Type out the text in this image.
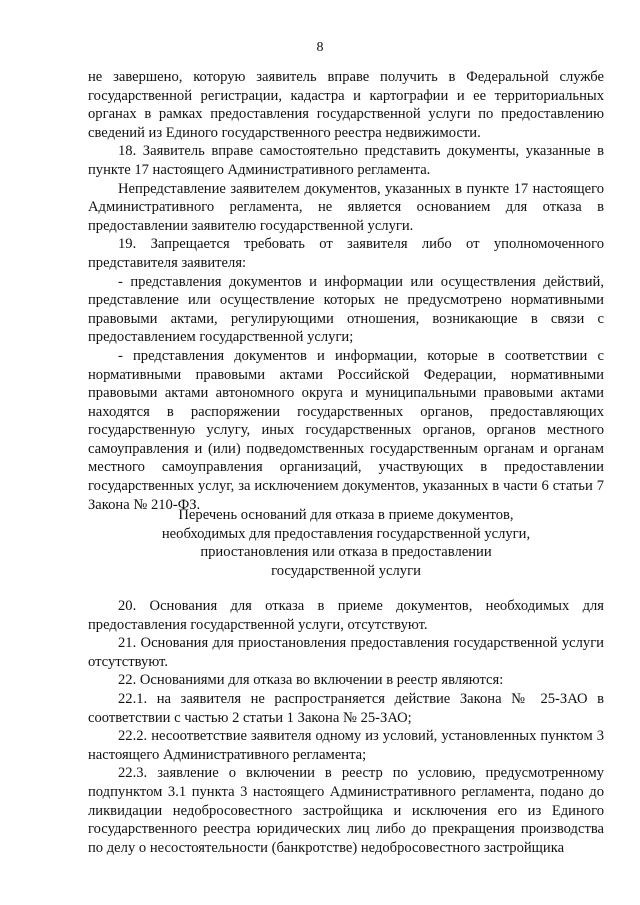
8

не завершено, которую заявитель вправе получить в Федеральной службе государственной регистрации, кадастра и картографии и ее территориальных органах в рамках предоставления государственной услуги по предоставлению сведений из Единого государственного реестра недвижимости.

18. Заявитель вправе самостоятельно представить документы, указанные в пункте 17 настоящего Административного регламента.

Непредставление заявителем документов, указанных в пункте 17 настоящего Административного регламента, не является основанием для отказа в предоставлении заявителю государственной услуги.

19. Запрещается требовать от заявителя либо от уполномоченного представителя заявителя:

- представления документов и информации или осуществления действий, представление или осуществление которых не предусмотрено нормативными правовыми актами, регулирующими отношения, возникающие в связи с предоставлением государственной услуги;

- представления документов и информации, которые в соответствии с нормативными правовыми актами Российской Федерации, нормативными правовыми актами автономного округа и муниципальными правовыми актами находятся в распоряжении государственных органов, предоставляющих государственную услугу, иных государственных органов, органов местного самоуправления и (или) подведомственных государственным органам и органам местного самоуправления организаций, участвующих в предоставлении государственных услуг, за исключением документов, указанных в части 6 статьи 7 Закона № 210-ФЗ.

Перечень оснований для отказа в приеме документов,
необходимых для предоставления государственной услуги,
приостановления или отказа в предоставлении
государственной услуги

20. Основания для отказа в приеме документов, необходимых для предоставления государственной услуги, отсутствуют.

21. Основания для приостановления предоставления государственной услуги отсутствуют.

22. Основаниями для отказа во включении в реестр являются:

22.1. на заявителя не распространяется действие Закона № 25-ЗАО в соответствии с частью 2 статьи 1 Закона № 25-ЗАО;

22.2. несоответствие заявителя одному из условий, установленных пунктом 3 настоящего Административного регламента;

22.3. заявление о включении в реестр по условию, предусмотренному подпунктом 3.1 пункта 3 настоящего Административного регламента, подано до ликвидации недобросовестного застройщика и исключения его из Единого государственного реестра юридических лиц либо до прекращения производства по делу о несостоятельности (банкротстве) недобросовестного застройщика
